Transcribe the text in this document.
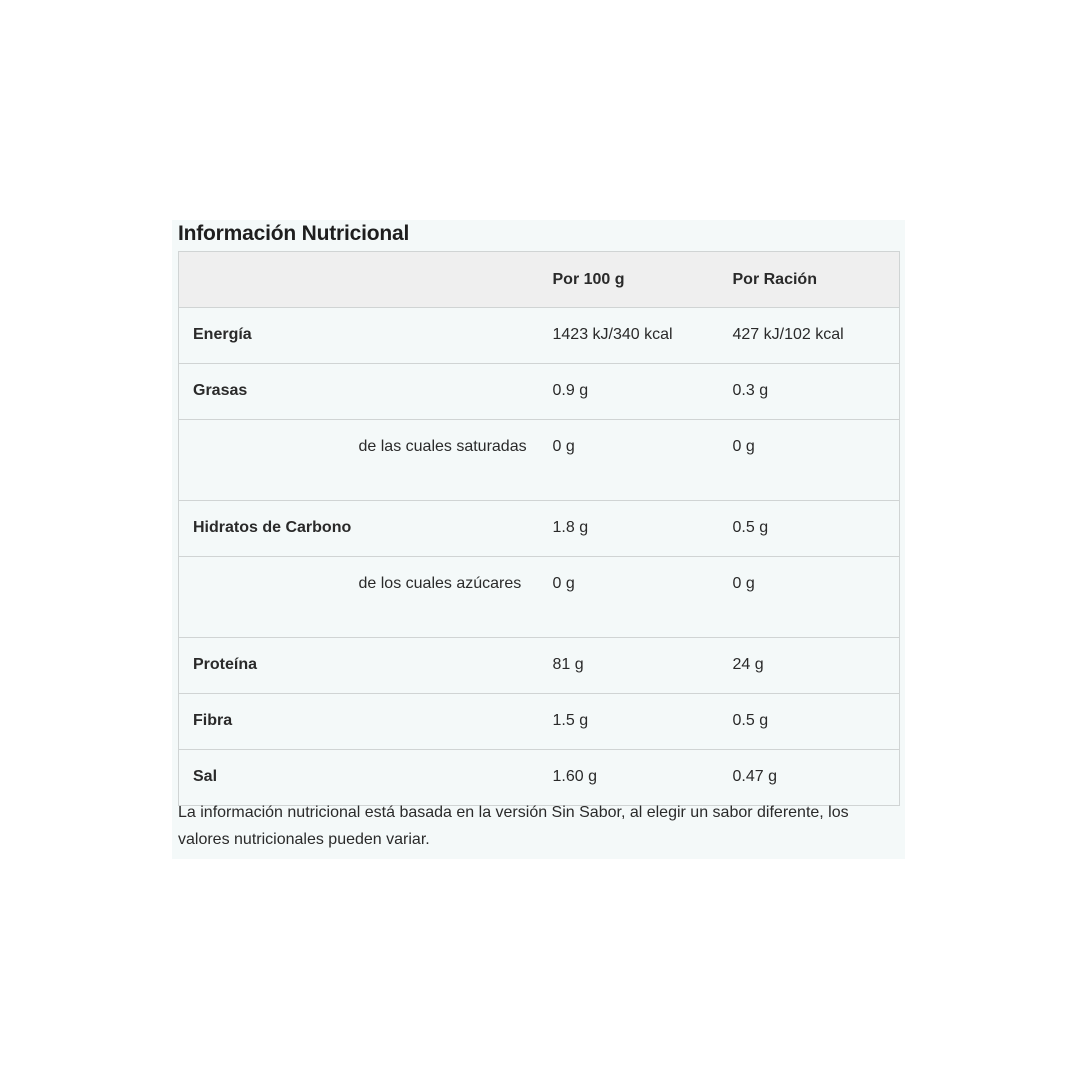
Información Nutricional
		Por 100 g	Por Ración
Energía		1423 kJ/340 kcal	427 kJ/102 kcal
Grasas		0.9 g	0.3 g
	de las cuales saturadas	0 g	0 g
Hidratos de Carbono		1.8 g	0.5 g
	de los cuales azúcares	0 g	0 g
Proteína		81 g	24 g
Fibra		1.5 g	0.5 g
Sal		1.60 g	0.47 g
La información nutricional está basada en la versión Sin Sabor, al elegir un sabor diferente, los valores nutricionales pueden variar.
